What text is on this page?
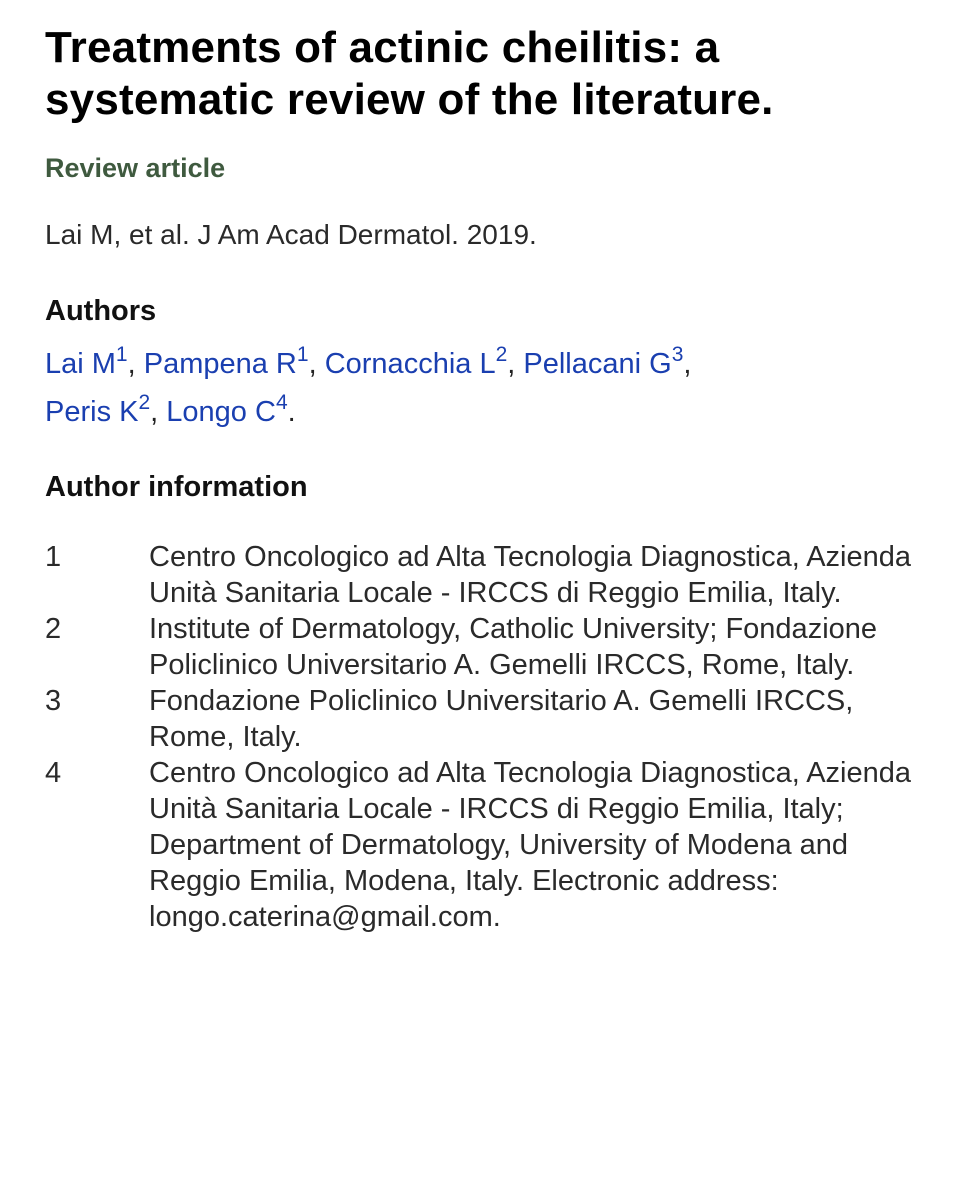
Treatments of actinic cheilitis: a systematic review of the literature.
Review article
Lai M, et al. J Am Acad Dermatol. 2019.
Authors
Lai $M^1$, Pampena $R^1$, Cornacchia $L^2$, Pellacani $G^3$,
Peris $K^2$, Longo $C^4$.
Author information
1	Centro Oncologico ad Alta Tecnologia Diagnostica, Azienda Unità Sanitaria Locale - IRCCS di Reggio Emilia, Italy.
2	Institute of Dermatology, Catholic University; Fondazione Policlinico Universitario A. Gemelli IRCCS, Rome, Italy.
3	Fondazione Policlinico Universitario A. Gemelli IRCCS, Rome, Italy.
4	Centro Oncologico ad Alta Tecnologia Diagnostica, Azienda Unità Sanitaria Locale - IRCCS di Reggio Emilia, Italy; Department of Dermatology, University of Modena and Reggio Emilia, Modena, Italy. Electronic address: longo.caterina@gmail.com.
